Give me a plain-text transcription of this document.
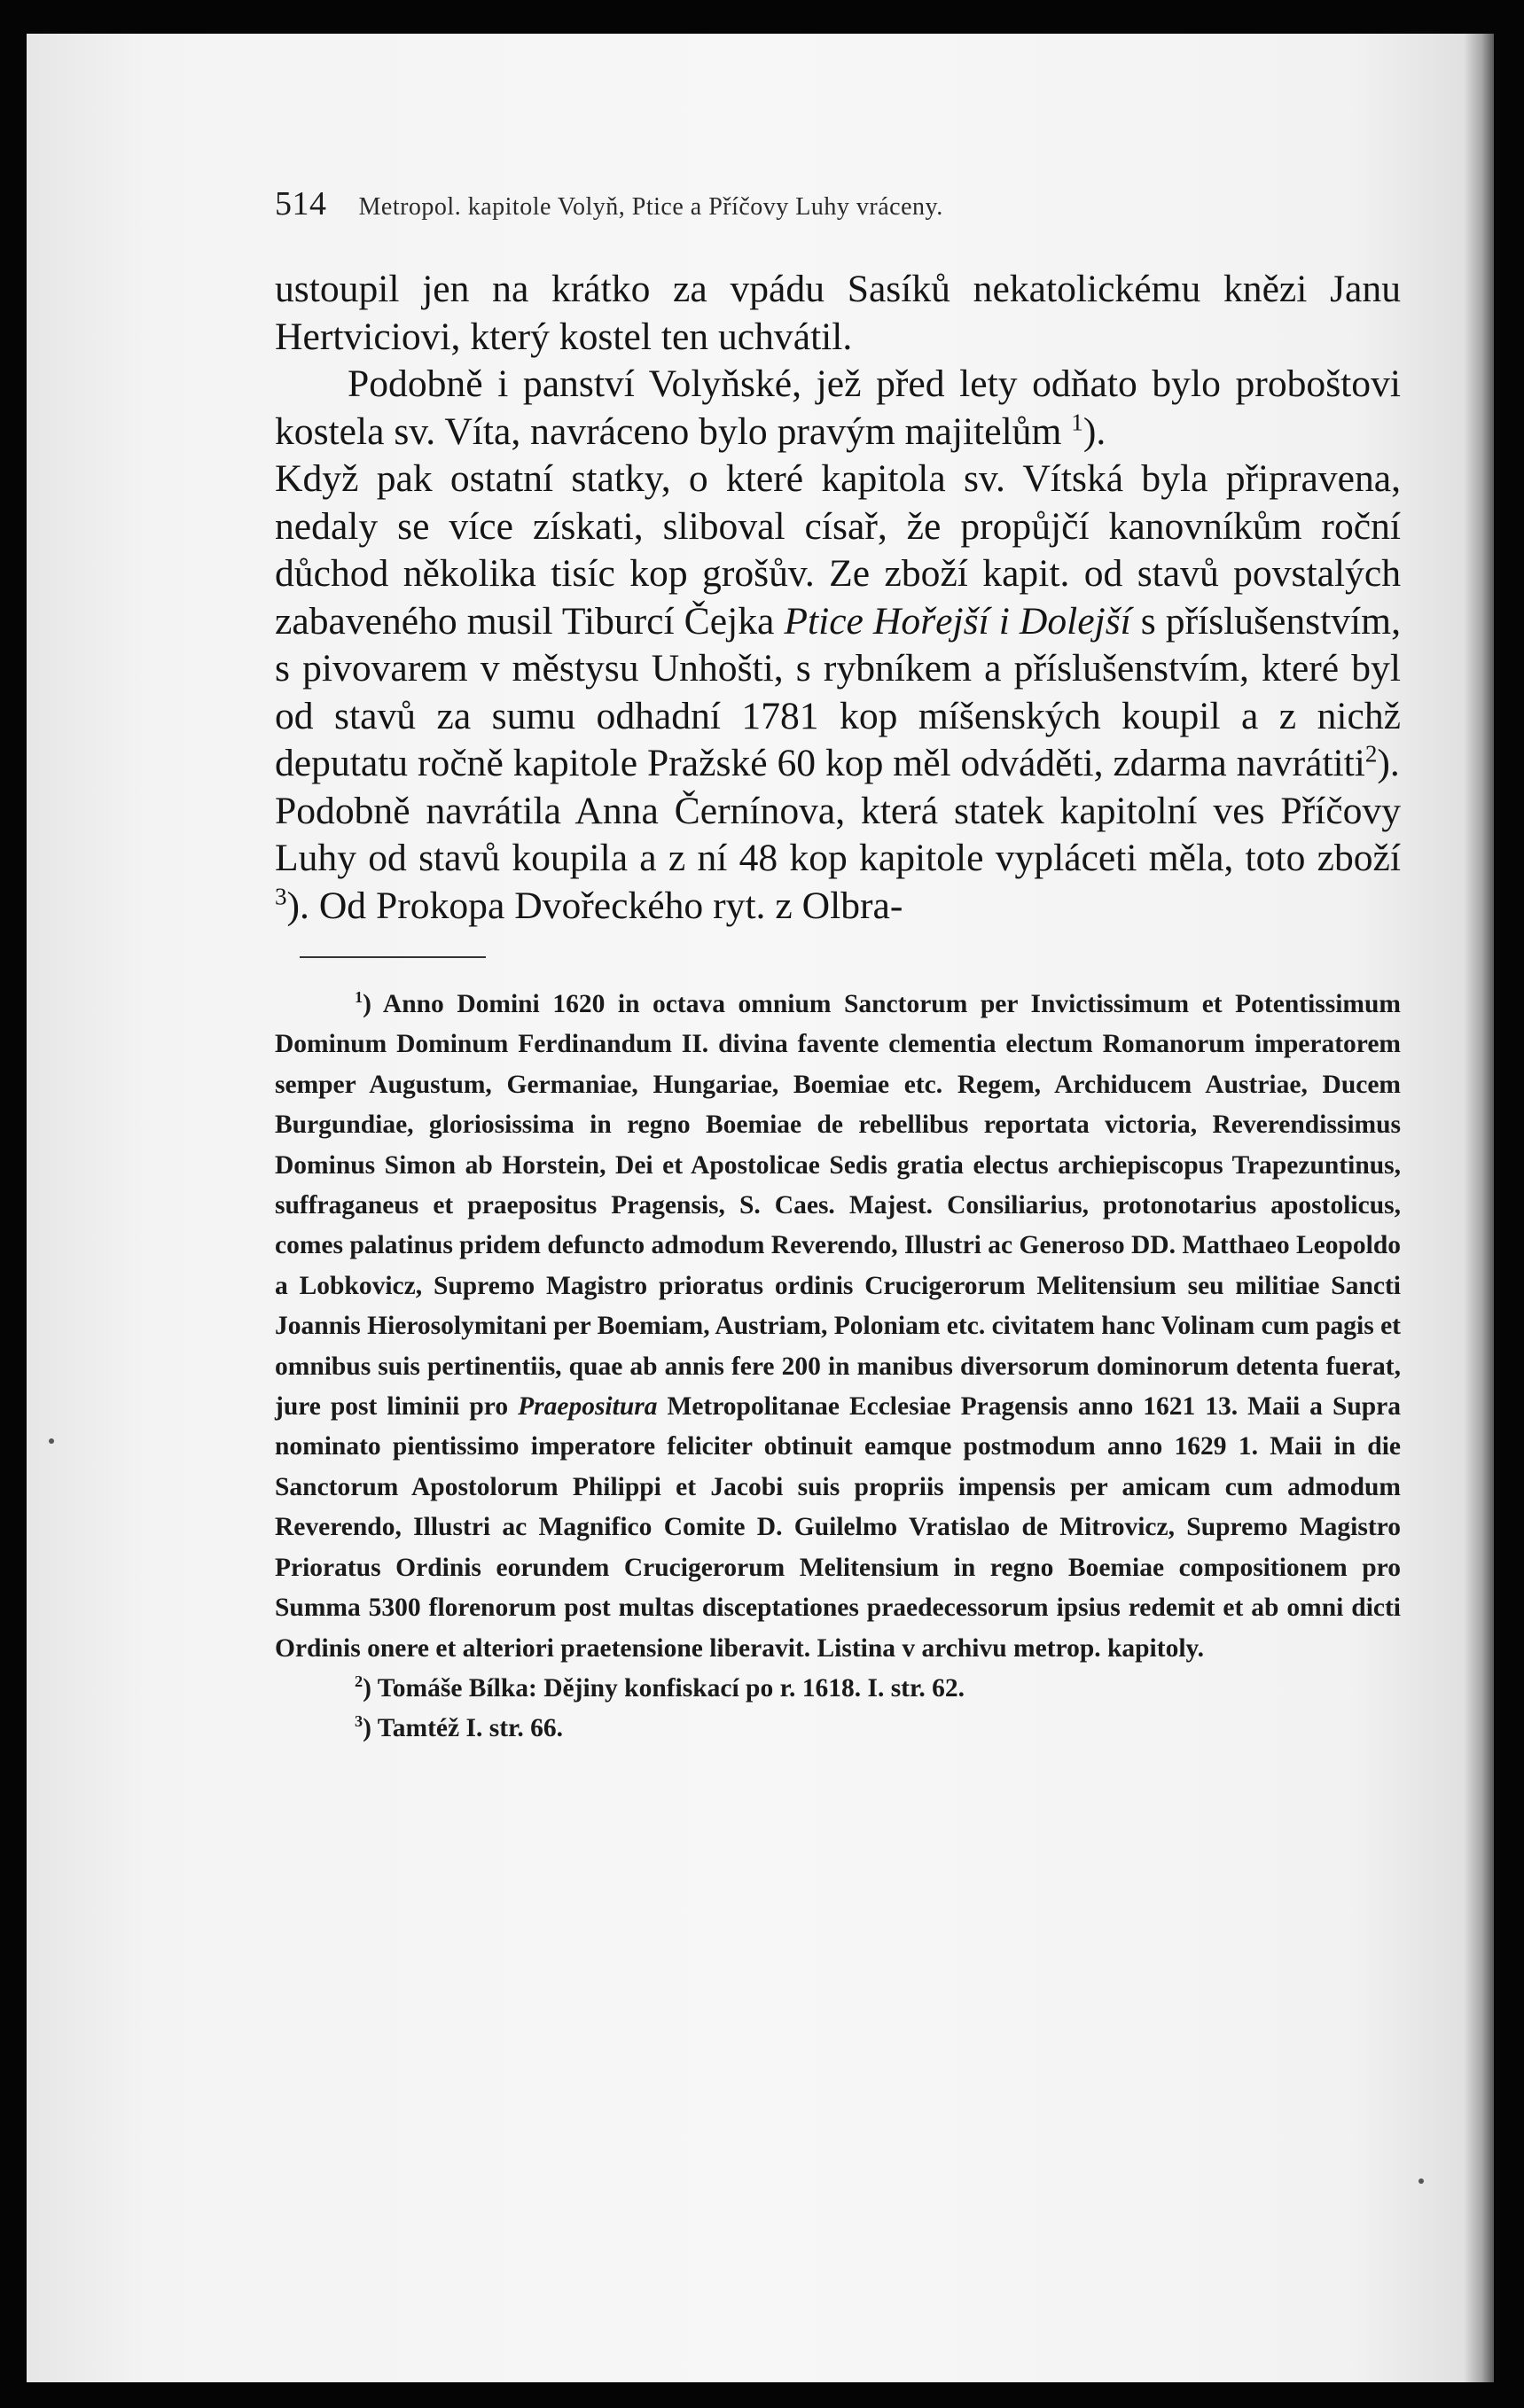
514 Metropol. kapitole Volyň, Ptice a Příčovy Luhy vráceny.

ustoupil jen na krátko za vpádu Sasíků nekatolickému knězi Janu Hertviciovi, který kostel ten uchvátil.

Podobně i panství Volyňské, jež před lety odňato bylo proboštovi kostela sv. Víta, navráceno bylo pravým majitelům $^1$).

Když pak ostatní statky, o které kapitola sv. Vítská byla připravena, nedaly se více získati, sliboval císař, že propůjčí kanovníkům roční důchod několika tisíc kop grošův. Ze zboží kapit. od stavů povstalých zabaveného musil Tiburcí Čejka Ptice Hořejší i Dolejší s příslušenstvím, s pivovarem v městysu Unhošti, s rybníkem a příslušenstvím, které byl od stavů za sumu odhadní 1781 kop míšenských koupil a z nichž deputatu ročně kapitole Pražské 60 kop měl odváděti, zdarma navrátiti$^2$).

Podobně navrátila Anna Černínova, která statek kapitolní ves Příčovy Luhy od stavů koupila a z ní 48 kop kapitole vypláceti měla, toto zboží $^3$). Od Prokopa Dvořeckého ryt. z Olbra-

$^1$) Anno Domini 1620 in octava omnium Sanctorum per Invictissimum et Potentissimum Dominum Dominum Ferdinandum II. divina favente clementia electum Romanorum imperatorem semper Augustum, Germaniae, Hungariae, Boemiae etc. Regem, Archiducem Austriae, Ducem Burgundiae, gloriosissima in regno Boemiae de rebellibus reportata victoria, Reverendissimus Dominus Simon ab Horstein, Dei et Apostolicae Sedis gratia electus archiepiscopus Trapezuntinus, suffraganeus et praepositus Pragensis, S. Caes. Majest. Consiliarius, protonotarius apostolicus, comes palatinus pridem defuncto admodum Reverendo, Illustri ac Generoso DD. Matthaeo Leopoldo a Lobkovicz, Supremo Magistro prioratus ordinis Crucigerorum Melitensium seu militiae Sancti Joannis Hierosolymitani per Boemiam, Austriam, Poloniam etc. civitatem hanc Volinam cum pagis et omnibus suis pertinentiis, quae ab annis fere 200 in manibus diversorum dominorum detenta fuerat, jure post liminii pro Praepositura Metropolitanae Ecclesiae Pragensis anno 1621 13. Maii a Supra nominato pientissimo imperatore feliciter obtinuit eamque postmodum anno 1629 1. Maii in die Sanctorum Apostolorum Philippi et Jacobi suis propriis impensis per amicam cum admodum Reverendo, Illustri ac Magnifico Comite D. Guilelmo Vratislao de Mitrovicz, Supremo Magistro Prioratus Ordinis eorundem Crucigerorum Melitensium in regno Boemiae compositionem pro Summa 5300 florenorum post multas disceptationes praedecessorum ipsius redemit et ab omni dicti Ordinis onere et alteriori praetensione liberavit. Listina v archivu metrop. kapitoly.

$^2$) Tomáše Bílka: Dějiny konfiskací po r. 1618. I. str. 62.

$^3$) Tamtéž I. str. 66.
